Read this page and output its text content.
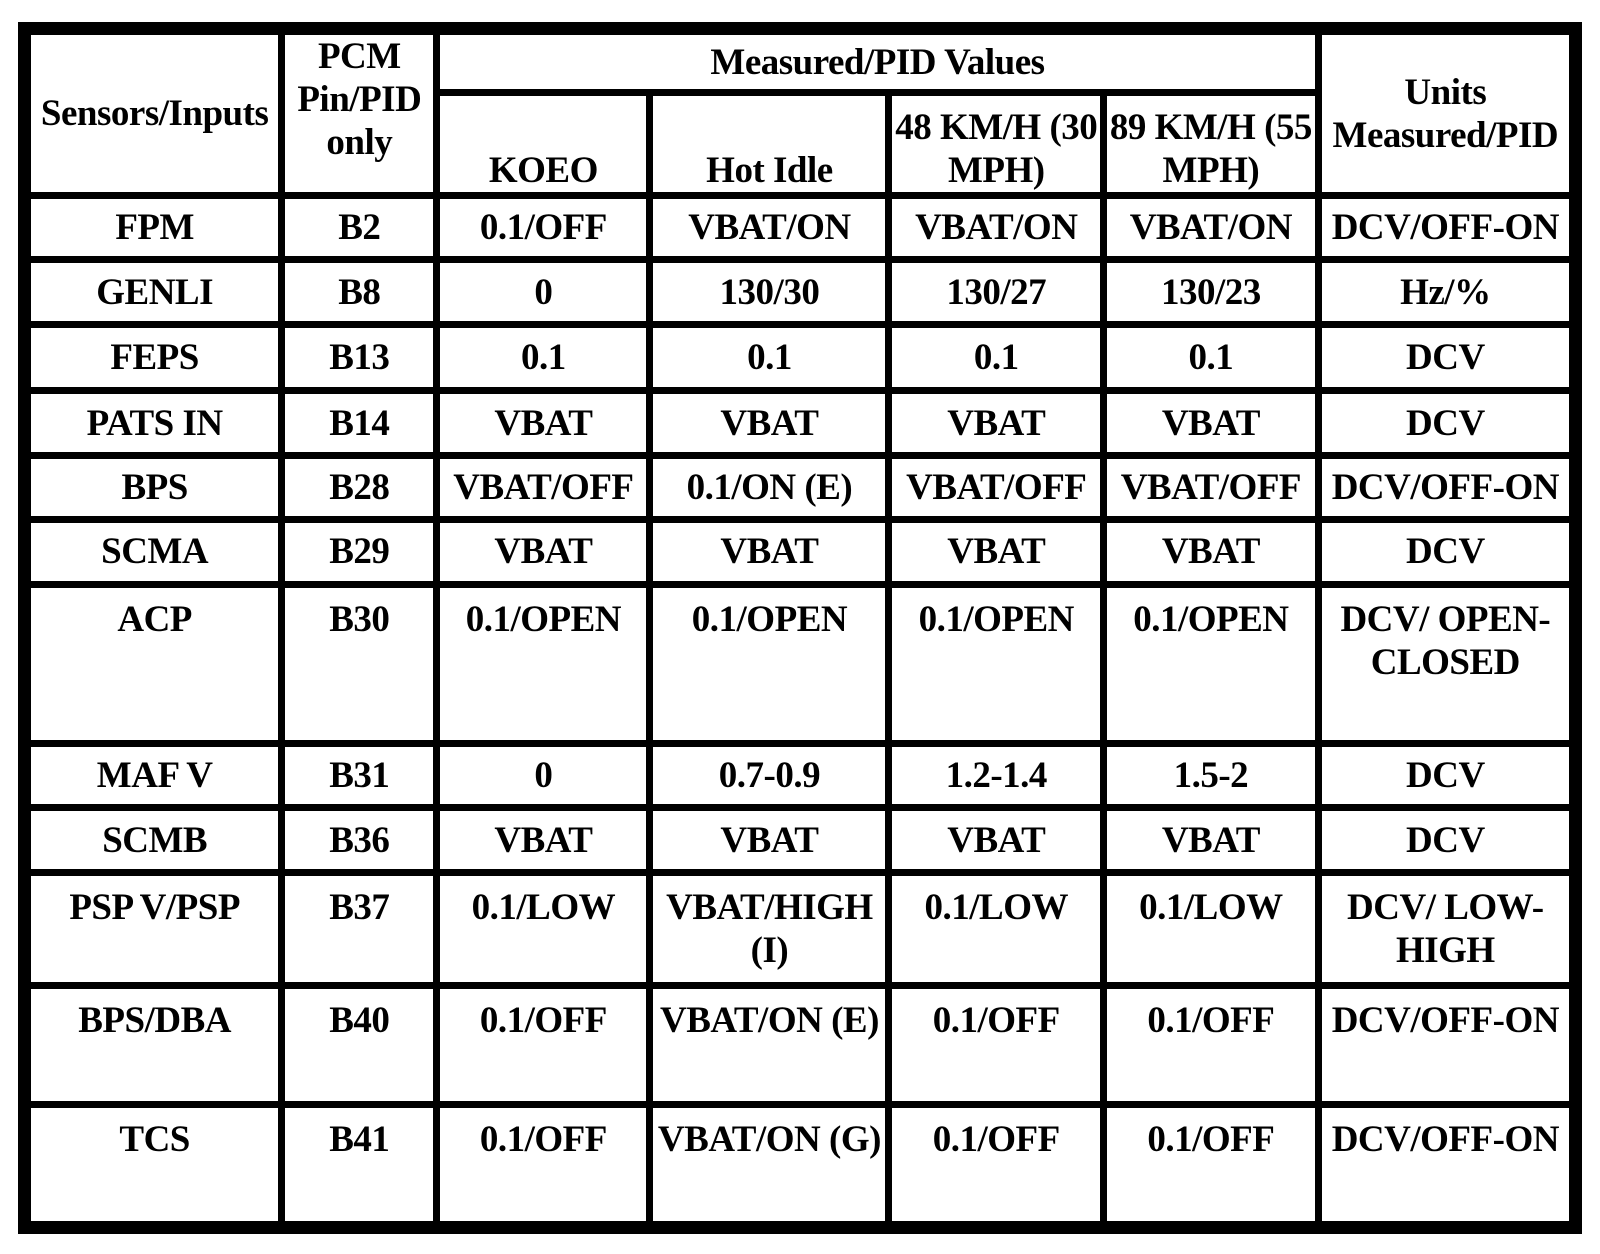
Sensors/Inputs	PCM Pin/PID only	Measured/PID Values				Units Measured/PID
		KOEO	Hot Idle	48 KM/H (30 MPH)	89 KM/H (55 MPH)	
FPM	B2	0.1/OFF	VBAT/ON	VBAT/ON	VBAT/ON	DCV/OFF-ON
GENLI	B8	0	130/30	130/27	130/23	Hz/%
FEPS	B13	0.1	0.1	0.1	0.1	DCV
PATS IN	B14	VBAT	VBAT	VBAT	VBAT	DCV
BPS	B28	VBAT/OFF	0.1/ON (E)	VBAT/OFF	VBAT/OFF	DCV/OFF-ON
SCMA	B29	VBAT	VBAT	VBAT	VBAT	DCV
ACP	B30	0.1/OPEN	0.1/OPEN	0.1/OPEN	0.1/OPEN	DCV/ OPEN- CLOSED
MAF V	B31	0	0.7-0.9	1.2-1.4	1.5-2	DCV
SCMB	B36	VBAT	VBAT	VBAT	VBAT	DCV
PSP V/PSP	B37	0.1/LOW	VBAT/HIGH (I)	0.1/LOW	0.1/LOW	DCV/ LOW- HIGH
BPS/DBA	B40	0.1/OFF	VBAT/ON (E)	0.1/OFF	0.1/OFF	DCV/OFF-ON
TCS	B41	0.1/OFF	VBAT/ON (G)	0.1/OFF	0.1/OFF	DCV/OFF-ON
